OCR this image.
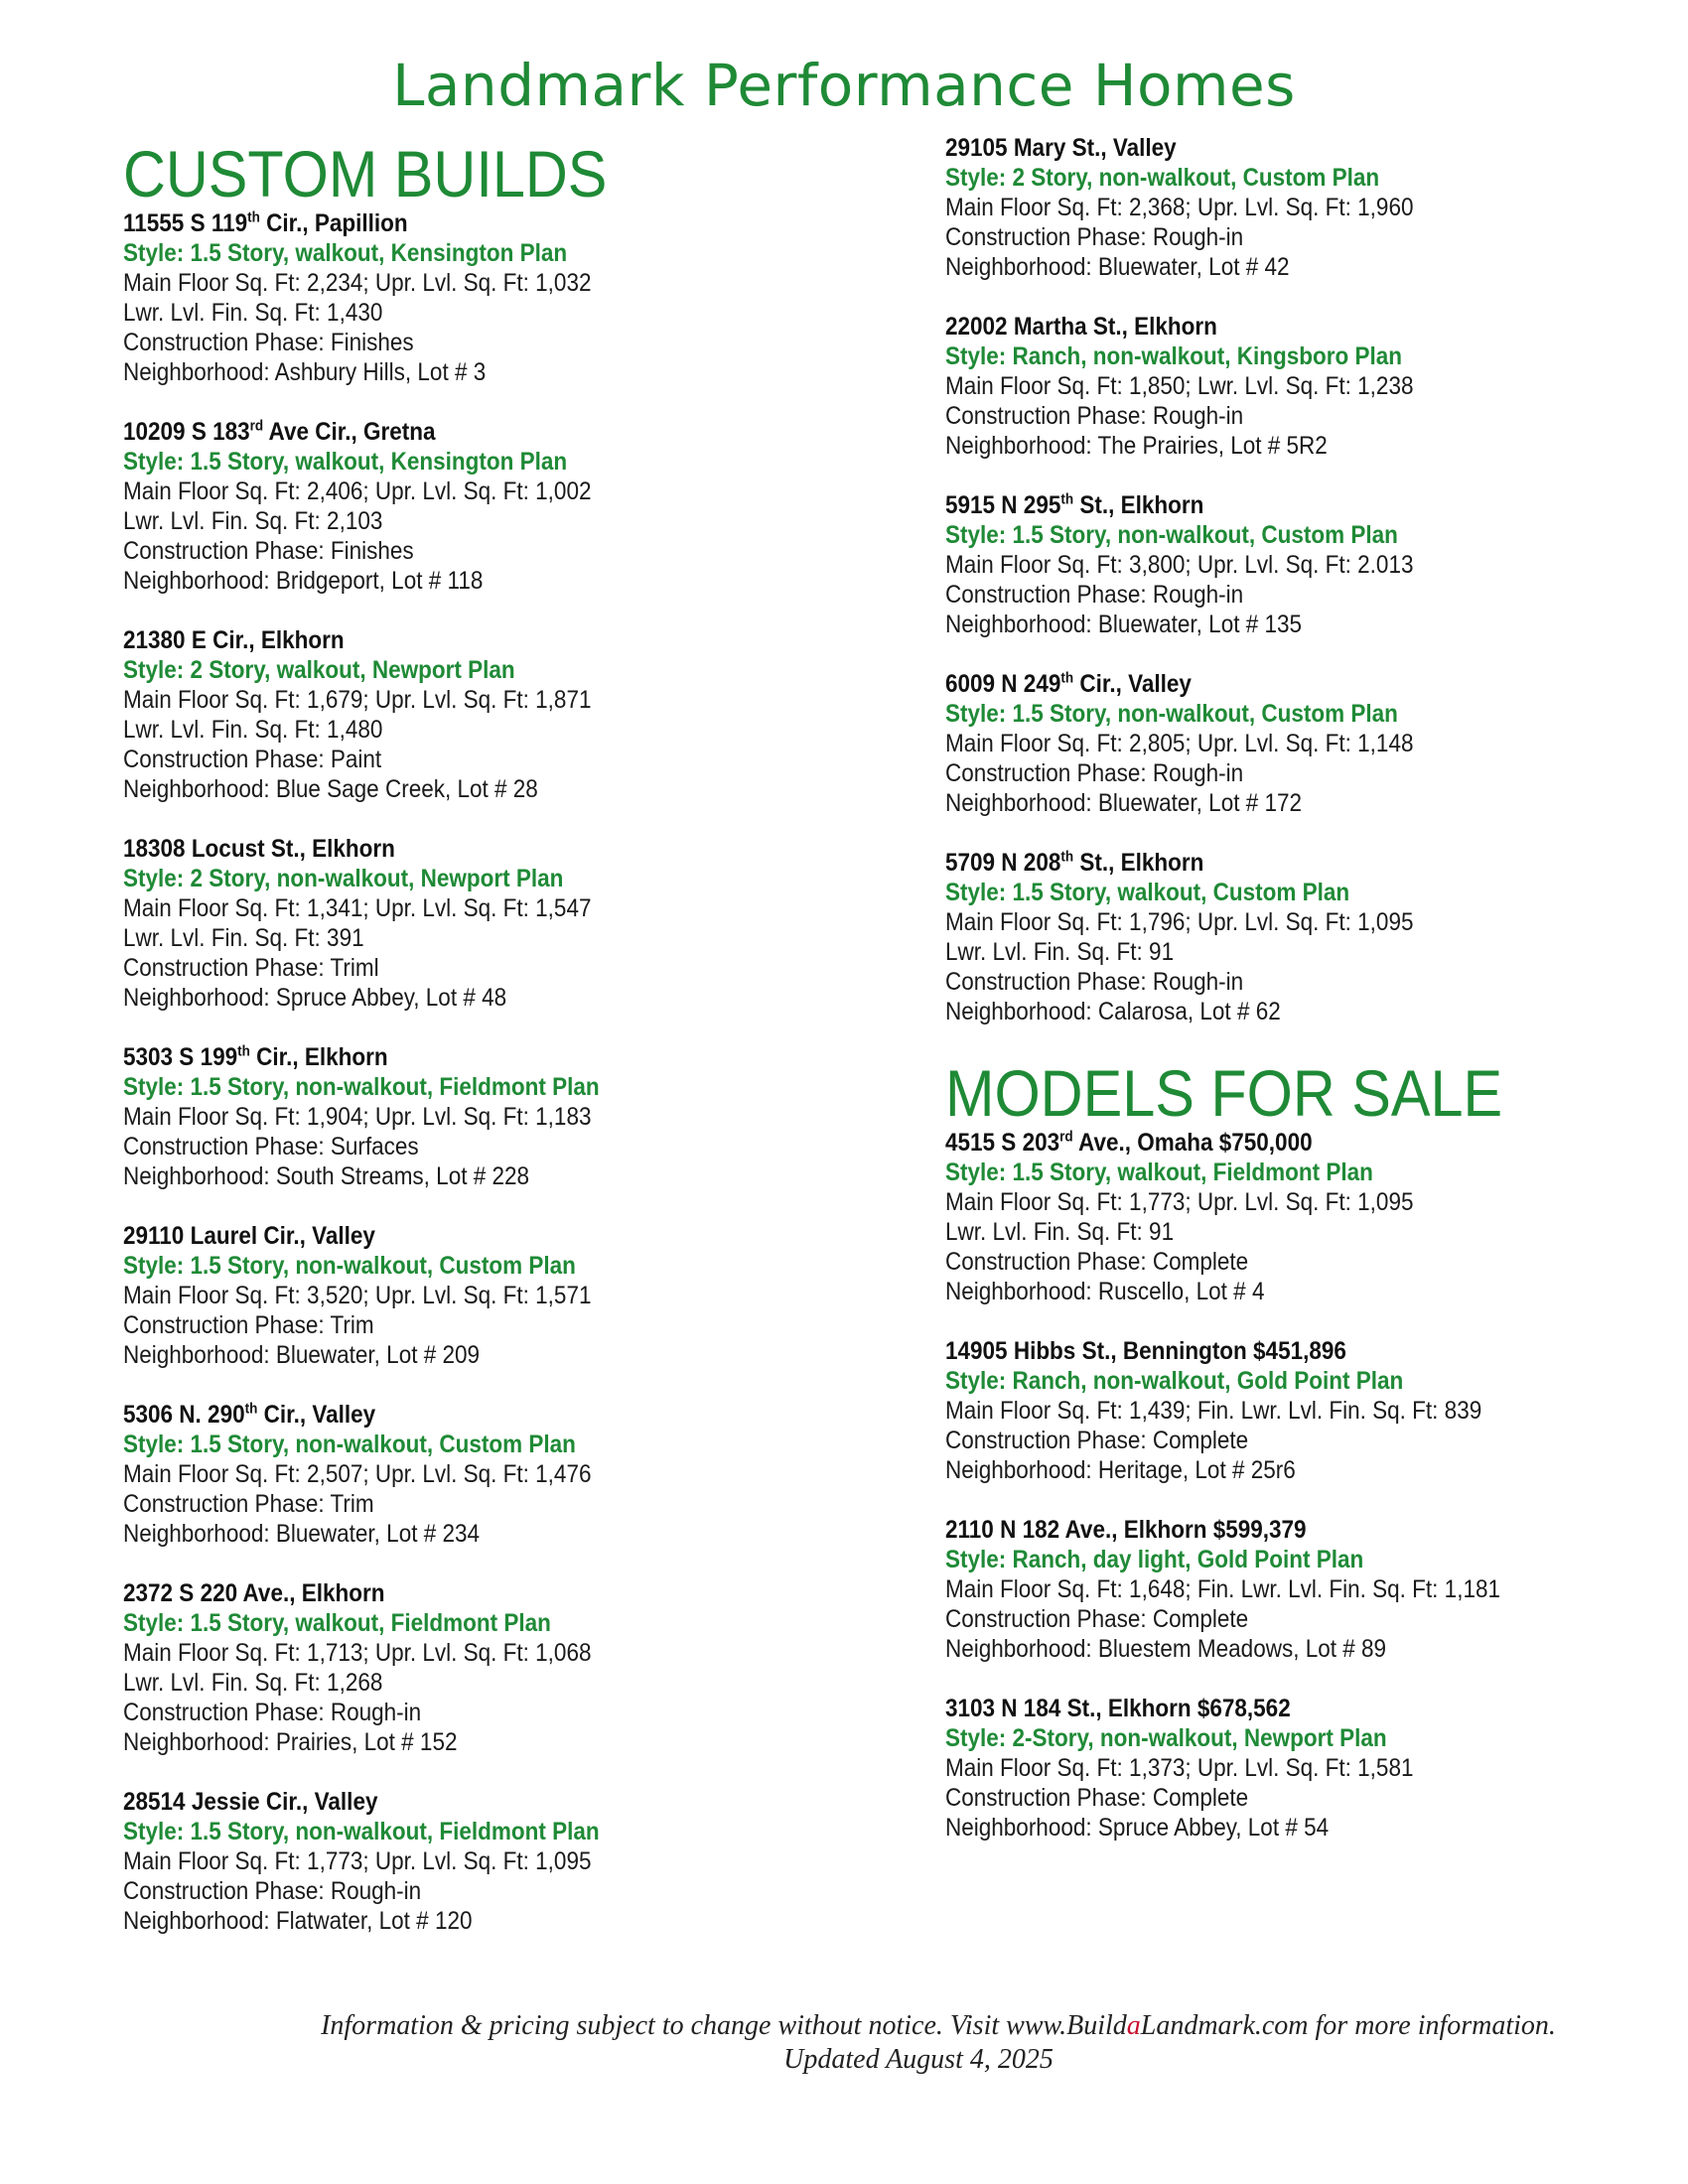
Landmark Performance Homes
CUSTOM BUILDS
11555 S 119th Cir., Papillion
Style: 1.5 Story, walkout, Kensington Plan
Main Floor Sq. Ft: 2,234; Upr. Lvl. Sq. Ft: 1,032
Lwr. Lvl. Fin. Sq. Ft: 1,430
Construction Phase: Finishes
Neighborhood: Ashbury Hills, Lot # 3
10209 S 183rd Ave Cir., Gretna
Style: 1.5 Story, walkout, Kensington Plan
Main Floor Sq. Ft: 2,406; Upr. Lvl. Sq. Ft: 1,002
Lwr. Lvl. Fin. Sq. Ft: 2,103
Construction Phase: Finishes
Neighborhood: Bridgeport, Lot # 118
21380 E Cir., Elkhorn
Style: 2 Story, walkout, Newport Plan
Main Floor Sq. Ft: 1,679; Upr. Lvl. Sq. Ft: 1,871
Lwr. Lvl. Fin. Sq. Ft: 1,480
Construction Phase: Paint
Neighborhood: Blue Sage Creek, Lot # 28
18308 Locust St., Elkhorn
Style: 2 Story, non-walkout, Newport Plan
Main Floor Sq. Ft: 1,341; Upr. Lvl. Sq. Ft: 1,547
Lwr. Lvl. Fin. Sq. Ft: 391
Construction Phase: Triml
Neighborhood: Spruce Abbey, Lot # 48
5303 S 199th Cir., Elkhorn
Style: 1.5 Story, non-walkout, Fieldmont Plan
Main Floor Sq. Ft: 1,904; Upr. Lvl. Sq. Ft: 1,183
Construction Phase: Surfaces
Neighborhood: South Streams, Lot # 228
29110 Laurel Cir., Valley
Style: 1.5 Story, non-walkout, Custom Plan
Main Floor Sq. Ft: 3,520; Upr. Lvl. Sq. Ft: 1,571
Construction Phase: Trim
Neighborhood: Bluewater, Lot # 209
5306 N. 290th Cir., Valley
Style: 1.5 Story, non-walkout, Custom Plan
Main Floor Sq. Ft: 2,507; Upr. Lvl. Sq. Ft: 1,476
Construction Phase: Trim
Neighborhood: Bluewater, Lot # 234
2372 S 220 Ave., Elkhorn
Style: 1.5 Story, walkout, Fieldmont Plan
Main Floor Sq. Ft: 1,713; Upr. Lvl. Sq. Ft: 1,068
Lwr. Lvl. Fin. Sq. Ft: 1,268
Construction Phase: Rough-in
Neighborhood: Prairies, Lot # 152
28514 Jessie Cir., Valley
Style: 1.5 Story, non-walkout, Fieldmont Plan
Main Floor Sq. Ft: 1,773; Upr. Lvl. Sq. Ft: 1,095
Construction Phase: Rough-in
Neighborhood: Flatwater, Lot # 120
29105 Mary St., Valley
Style: 2 Story, non-walkout, Custom Plan
Main Floor Sq. Ft: 2,368; Upr. Lvl. Sq. Ft: 1,960
Construction Phase: Rough-in
Neighborhood: Bluewater, Lot # 42
22002 Martha St., Elkhorn
Style: Ranch, non-walkout, Kingsboro Plan
Main Floor Sq. Ft: 1,850; Lwr. Lvl. Sq. Ft: 1,238
Construction Phase: Rough-in
Neighborhood: The Prairies, Lot # 5R2
5915 N 295th St., Elkhorn
Style: 1.5 Story, non-walkout, Custom Plan
Main Floor Sq. Ft: 3,800; Upr. Lvl. Sq. Ft: 2.013
Construction Phase: Rough-in
Neighborhood: Bluewater, Lot # 135
6009 N 249th Cir., Valley
Style: 1.5 Story, non-walkout, Custom Plan
Main Floor Sq. Ft: 2,805; Upr. Lvl. Sq. Ft: 1,148
Construction Phase: Rough-in
Neighborhood: Bluewater, Lot # 172
5709 N 208th St., Elkhorn
Style: 1.5 Story, walkout, Custom Plan
Main Floor Sq. Ft: 1,796; Upr. Lvl. Sq. Ft: 1,095
Lwr. Lvl. Fin. Sq. Ft: 91
Construction Phase: Rough-in
Neighborhood: Calarosa, Lot # 62
MODELS FOR SALE
4515 S 203rd Ave., Omaha $750,000
Style: 1.5 Story, walkout, Fieldmont Plan
Main Floor Sq. Ft: 1,773; Upr. Lvl. Sq. Ft: 1,095
Lwr. Lvl. Fin. Sq. Ft: 91
Construction Phase: Complete
Neighborhood: Ruscello, Lot # 4
14905 Hibbs St., Bennington $451,896
Style: Ranch, non-walkout, Gold Point Plan
Main Floor Sq. Ft: 1,439; Fin. Lwr. Lvl. Fin. Sq. Ft: 839
Construction Phase: Complete
Neighborhood: Heritage, Lot # 25r6
2110 N 182 Ave., Elkhorn $599,379
Style: Ranch, day light, Gold Point Plan
Main Floor Sq. Ft: 1,648; Fin. Lwr. Lvl. Fin. Sq. Ft: 1,181
Construction Phase: Complete
Neighborhood: Bluestem Meadows, Lot # 89
3103 N 184 St., Elkhorn $678,562
Style: 2-Story, non-walkout, Newport Plan
Main Floor Sq. Ft: 1,373; Upr. Lvl. Sq. Ft: 1,581
Construction Phase: Complete
Neighborhood: Spruce Abbey, Lot # 54
Information & pricing subject to change without notice. Visit www.BuildaLandmark.com for more information.
Updated August 4, 2025
